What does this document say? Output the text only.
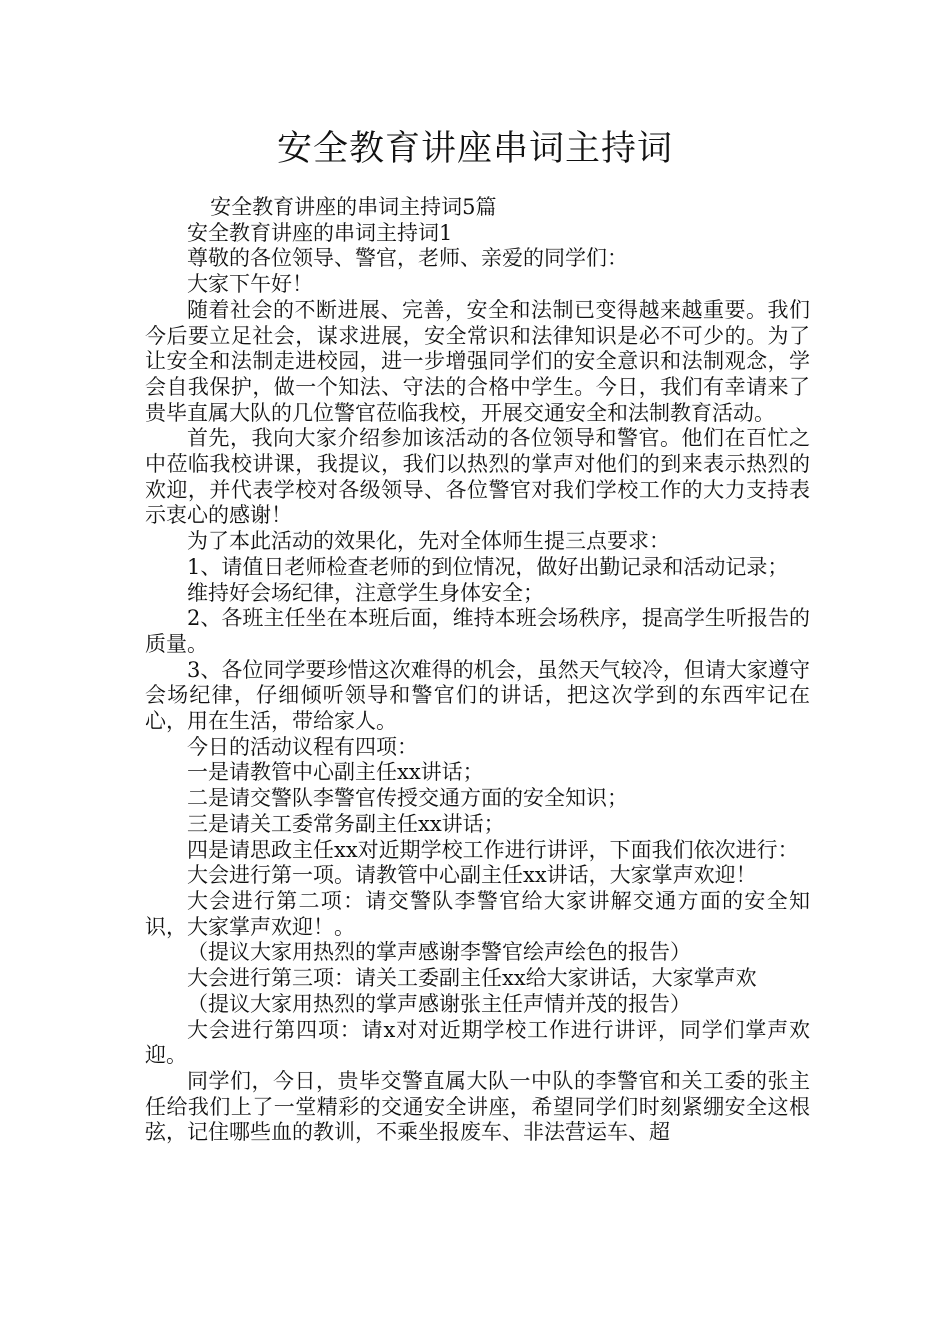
安全教育讲座串词主持词

安全教育讲座的串词主持词5篇

安全教育讲座的串词主持词1

尊敬的各位领导、警官，老师、亲爱的同学们：

大家下午好！

随着社会的不断进展、完善，安全和法制已变得越来越重要。我们今后要立足社会，谋求进展，安全常识和法律知识是必不可少的。为了让安全和法制走进校园，进一步增强同学们的安全意识和法制观念，学会自我保护，做一个知法、守法的合格中学生。今日，我们有幸请来了贵毕直属大队的几位警官莅临我校，开展交通安全和法制教育活动。

首先，我向大家介绍参加该活动的各位领导和警官。他们在百忙之中莅临我校讲课，我提议，我们以热烈的掌声对他们的到来表示热烈的欢迎，并代表学校对各级领导、各位警官对我们学校工作的大力支持表示衷心的感谢！

为了本此活动的效果化，先对全体师生提三点要求：

1、请值日老师检查老师的到位情况，做好出勤记录和活动记录；

维持好会场纪律，注意学生身体安全；

2、各班主任坐在本班后面，维持本班会场秩序，提高学生听报告的质量。

3、各位同学要珍惜这次难得的机会，虽然天气较冷，但请大家遵守会场纪律，仔细倾听领导和警官们的讲话，把这次学到的东西牢记在心，用在生活，带给家人。

今日的活动议程有四项：

一是请教管中心副主任xx讲话；

二是请交警队李警官传授交通方面的安全知识；

三是请关工委常务副主任xx讲话；

四是请思政主任xx对近期学校工作进行讲评，下面我们依次进行：

大会进行第一项。请教管中心副主任xx讲话，大家掌声欢迎！

大会进行第二项：请交警队李警官给大家讲解交通方面的安全知识，大家掌声欢迎！。

（提议大家用热烈的掌声感谢李警官绘声绘色的报告）

大会进行第三项：请关工委副主任xx给大家讲话，大家掌声欢

（提议大家用热烈的掌声感谢张主任声情并茂的报告）

大会进行第四项：请x对对近期学校工作进行讲评，同学们掌声欢迎。

同学们，今日，贵毕交警直属大队一中队的李警官和关工委的张主任给我们上了一堂精彩的交通安全讲座，希望同学们时刻紧绷安全这根弦，记住哪些血的教训，不乘坐报废车、非法营运车、超
